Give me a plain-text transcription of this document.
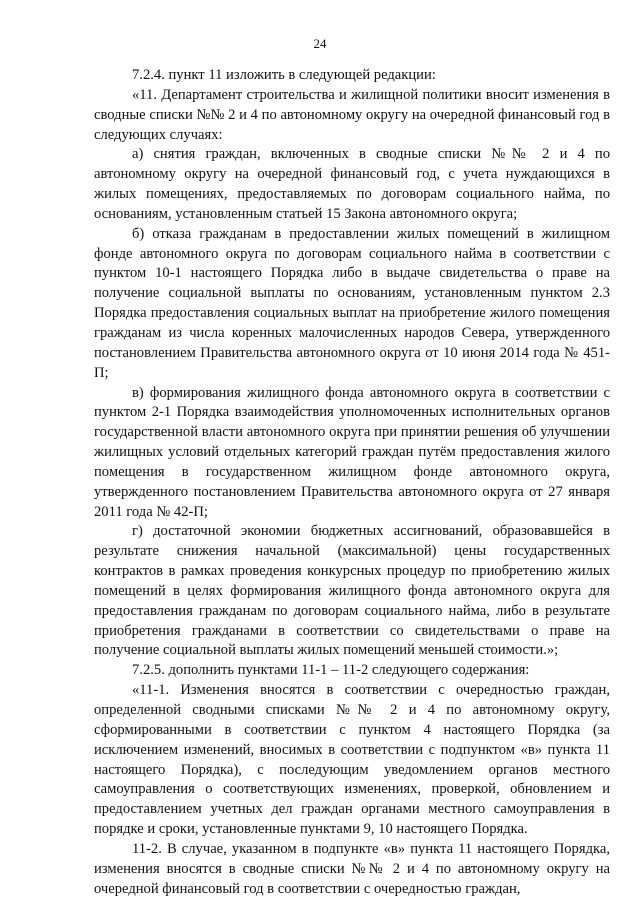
24

7.2.4. пункт 11 изложить в следующей редакции:

«11. Департамент строительства и жилищной политики вносит изменения в сводные списки №№ 2 и 4 по автономному округу на очередной финансовый год в следующих случаях:

а) снятия граждан, включенных в сводные списки №№ 2 и 4 по автономному округу на очередной финансовый год, с учета нуждающихся в жилых помещениях, предоставляемых по договорам социального найма, по основаниям, установленным статьей 15 Закона автономного округа;

б) отказа гражданам в предоставлении жилых помещений в жилищном фонде автономного округа по договорам социального найма в соответствии с пунктом 10-1 настоящего Порядка либо в выдаче свидетельства о праве на получение социальной выплаты по основаниям, установленным пунктом 2.3 Порядка предоставления социальных выплат на приобретение жилого помещения гражданам из числа коренных малочисленных народов Севера, утвержденного постановлением Правительства автономного округа от 10 июня 2014 года № 451-П;

в) формирования жилищного фонда автономного округа в соответствии с пунктом 2-1 Порядка взаимодействия уполномоченных исполнительных органов государственной власти автономного округа при принятии решения об улучшении жилищных условий отдельных категорий граждан путём предоставления жилого помещения в государственном жилищном фонде автономного округа, утвержденного постановлением Правительства автономного округа от 27 января 2011 года № 42-П;

г) достаточной экономии бюджетных ассигнований, образовавшейся в результате снижения начальной (максимальной) цены государственных контрактов в рамках проведения конкурсных процедур по приобретению жилых помещений в целях формирования жилищного фонда автономного округа для предоставления гражданам по договорам социального найма, либо в результате приобретения гражданами в соответствии со свидетельствами о праве на получение социальной выплаты жилых помещений меньшей стоимости.»;

7.2.5. дополнить пунктами 11-1 – 11-2 следующего содержания:

«11-1. Изменения вносятся в соответствии с очередностью граждан, определенной сводными списками №№ 2 и 4 по автономному округу, сформированными в соответствии с пунктом 4 настоящего Порядка (за исключением изменений, вносимых в соответствии с подпунктом «в» пункта 11 настоящего Порядка), с последующим уведомлением органов местного самоуправления о соответствующих изменениях, проверкой, обновлением и предоставлением учетных дел граждан органами местного самоуправления в порядке и сроки, установленные пунктами 9, 10 настоящего Порядка.

11-2. В случае, указанном в подпункте «в» пункта 11 настоящего Порядка, изменения вносятся в сводные списки №№ 2 и 4 по автономному округу на очередной финансовый год в соответствии с очередностью граждан,
